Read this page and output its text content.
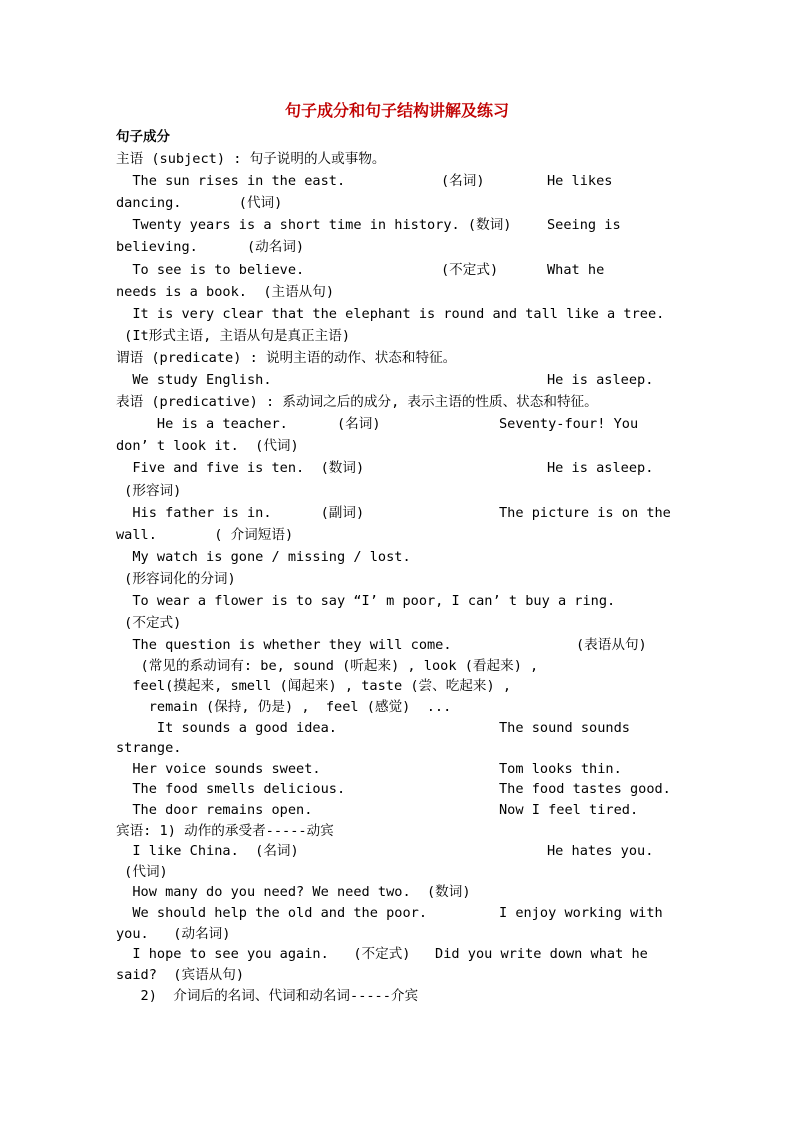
句子成分和句子结构讲解及练习
句子成分
主语 (subject) : 句子说明的人或事物。
The sun rises in the east.	(名词)	He likes
dancing.       (代词)
Twenty years is a short time in history. (数词)	Seeing is
believing.      (动名词)
To see is to believe.	(不定式)	What he
needs is a book.  (主语从句)
It is very clear that the elephant is round and tall like a tree.
(It形式主语, 主语从句是真正主语)
谓语 (predicate) : 说明主语的动作、状态和特征。
We study English.	He is asleep.
表语 (predicative) : 系动词之后的成分, 表示主语的性质、状态和特征。
He is a teacher.      (名词)	Seventy-four! You
don’ t look it.  (代词)
Five and five is ten.  (数词)	He is asleep.
(形容词)
His father is in.      (副词)	The picture is on the
wall.       ( 介词短语)
My watch is gone / missing / lost.
(形容词化的分词)
To wear a flower is to say “I’ m poor, I can’ t buy a ring.
(不定式)
The question is whether they will come.	(表语从句)
(常见的系动词有: be, sound (听起来) , look (看起来) ,
feel(摸起来, smell (闻起来) , taste (尝、吃起来) ,
remain (保持, 仍是) ,  feel (感觉)  ...
It sounds a good idea.	The sound sounds
strange.
Her voice sounds sweet.	Tom looks thin.
The food smells delicious.	The food tastes good.
The door remains open.	Now I feel tired.
宾语: 1) 动作的承受者-----动宾
I like China.  (名词)	He hates you.
(代词)
How many do you need? We need two.  (数词)
We should help the old and the poor.	I enjoy working with
you.   (动名词)
I hope to see you again.   (不定式)   Did you write down what he
said?  (宾语从句)
2)  介词后的名词、代词和动名词-----介宾
